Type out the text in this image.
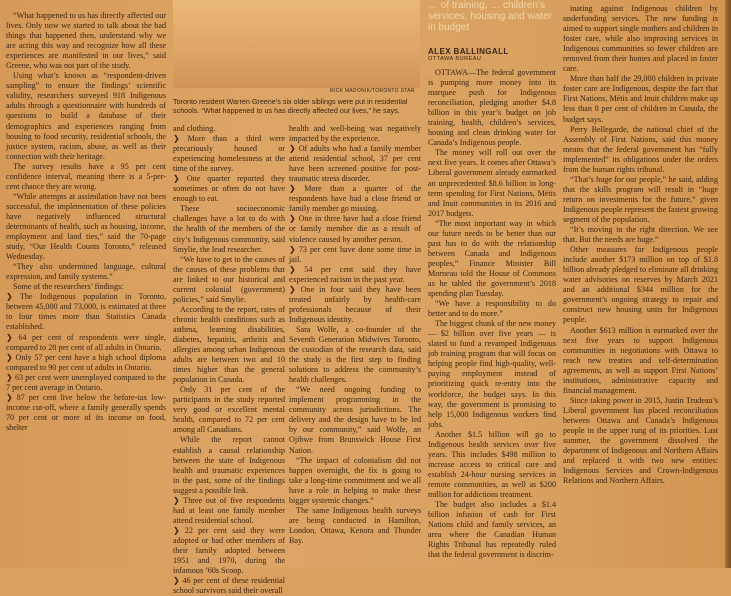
“What happened to us has directly affected our lives. Only now we started to talk about the bad things that happened then, understand why we are acting this way and recognize how all these experiences are manifested in our lives,” said Greene, who was not part of the study.

Using what’s known as “respondent-driven sampling” to ensure the findings’ scientific validity, researchers surveyed 918 Indigenous adults through a questionnaire with hundreds of questions to build a database of their demographics and experiences ranging from housing to food security, residential schools, the justice system, racism, abuse, as well as their connection with their heritage.

The survey results have a 95 per cent confidence interval, meaning there is a 5-per-cent chance they are wrong.

“While attempts at assimilation have not been successful, the implementation of these policies have negatively influenced structural determinants of health, such as housing, income, employment and land ties,” said the 70-page study, “Our Health Counts Toronto,” released Wednesday.

“They also undermined language, cultural expression, and family systems.”

Some of the researchers’ findings:

❯ The Indigenous population in Toronto, between 45,000 and 73,000, is estimated at three to four times more than Statistics Canada established.

❯ 64 per cent of respondents were single, compared to 28 per cent of all adults in Ontario.

❯ Only 57 per cent have a high school diploma compared to 90 per cent of adults in Ontario.

❯ 63 per cent were unemployed compared to the 7 per cent average in Ontario.

❯ 87 per cent live below the before-tax low-income cut-off, where a family generally spends 70 per cent or more of its income on food, shelter

RICK MADONIK/TORONTO STAR
Toronto resident Warren Greene’s six older siblings were put in residential schools. “What happened to us has directly affected our lives,” he says.

and clothing.

❯ More than a third were precariously housed or experiencing homelessness at the time of the survey.

❯ One quarter reported they sometimes or often do not have enough to eat.

These socioeconomic challenges have a lot to do with the health of the members of the city’s Indigenous community, said Smylie, the lead researcher.

“We have to get to the causes of the causes of these problems that are linked to our historical and current colonial (government) policies,” said Smylie.

According to the report, rates of chronic health conditions such as asthma, learning disabilities, diabetes, hepatitis, arthritis and allergies among urban Indigenous adults are between two and 10 times higher than the general population in Canada.

Only 31 per cent of the participants in the study reported very good or excellent mental health, compared to 72 per cent among all Canadians.

While the report cannot establish a causal relationship between the state of Indigenous health and traumatic experiences in the past, some of the findings suggest a possible link.

❯ Three out of five respondents had at least one family member attend residential school.

❯ 22 per cent said they were adopted or had other members of their family adopted between 1951 and 1970, during the infamous ’60s Scoop.

❯ 46 per cent of these residential school survivors said their overall

health and well-being was negatively impacted by the experience.

❯ Of adults who had a family member attend residential school, 37 per cent have been screened positive for post-traumatic stress disorder.

❯ More than a quarter of the respondents have had a close friend or family member go missing.

❯ One in three have had a close friend or family member die as a result of violence caused by another person.

❯ 73 per cent have done some time in jail.

❯ 54 per cent said they have experienced racism in the past year.

❯ One in four said they have been treated unfairly by health-care professionals because of their Indigenous identity.

Sara Wolfe, a co-founder of the Seventh Generation Midwives Toronto, the custodian of the research data, said the study is the first step to finding solutions to address the community’s health challenges.

“We need ongoing funding to implement programming in the community across jurisdictions. The delivery and the design have to be led by our community,” said Wolfe, an Ojibwe from Brunswick House First Nation.

“The impact of colonialism did not happen overnight, the fix is going to take a long-time commitment and we all have a role in helping to make these bigger systemic changes.”

The same Indigenous health surveys are being conducted in Hamilton, London, Ottawa, Kenora and Thunder Bay.

… of training, … children’s services, housing and water in budget
ALEX BALLINGALL
OTTAWA BUREAU

OTTAWA—The federal government is pumping more money into its marquee push for Indigenous reconciliation, pledging another $4.8 billion in this year’s budget on job training, health, children’s services, housing and clean drinking water for Canada’s Indigenous people.

The money will roll out over the next five years. It comes after Ottawa’s Liberal government already earmarked an unprecedented $8.6 billion in long-term spending for First Nations, Métis and Inuit communities in its 2016 and 2017 budgets.

“The most important way in which our future needs to be better than our past has to do with the relationship between Canada and Indigenous peoples,” Finance Minister Bill Morneau told the House of Commons as he tabled the government’s 2018 spending plan Tuesday.

“We have a responsibility to do better and to do more.”

The biggest chunk of the new money — $2 billion over five years — is slated to fund a revamped Indigenous job training program that will focus on helping people find high-quality, well-paying employment instead of prioritizing quick re-entry into the workforce, the budget says. In this way, the government is promising to help 15,000 Indigenous workers find jobs.

Another $1.5 billion will go to Indigenous health services over five years. This includes $498 million to increase access to critical care and establish 24-hour nursing services in remote communities, as well as $200 million for addictions treatment.

The budget also includes a $1.4 billion infusion of cash for First Nations child and family services, an area where the Canadian Human Rights Tribunal has repeatedly ruled that the federal government is discrim-

inating against Indigenous children by underfunding services. The new funding is aimed to support single mothers and children in foster care, while also improving services in Indigenous communities so fewer children are removed from their homes and placed in foster care.

More than half the 29,000 children in private foster care are Indigenous, despite the fact that First Nations, Métis and Inuit children make up less than 8 per cent of children in Canada, the budget says.

Perry Bellegarde, the national chief of the Assembly of First Nations, said this money means that the federal government has “fully implemented” its obligations under the orders from the human rights tribunal.

“That’s huge for our people,” he said, adding that the skills program will result in “huge return on investments for the future,” given Indigenous people represent the fastest growing segment of the population.

“It’s moving in the right direction. We see that. But the needs are huge.”

Other measures for Indigenous people include another $173 million on top of $1.8 billion already pledged to eliminate all drinking water advisories on reserves by March 2021 and an additional $344 million for the government’s ongoing strategy to repair and construct new housing units for Indigenous people.

Another $613 million is earmarked over the next five years to support Indigenous communities in negotiations with Ottawa to reach new treaties and self-determination agreements, as well as support First Nations’ institutions, administrative capacity and financial management.

Since taking power in 2015, Justin Trudeau’s Liberal government has placed reconciliation between Ottawa and Canada’s Indigenous people in the upper rung of its priorities. Last summer, the government dissolved the department of Indigenous and Northern Affairs and replaced it with two new entities: Indigenous Services and Crown-Indigenous Relations and Northern Affairs.
